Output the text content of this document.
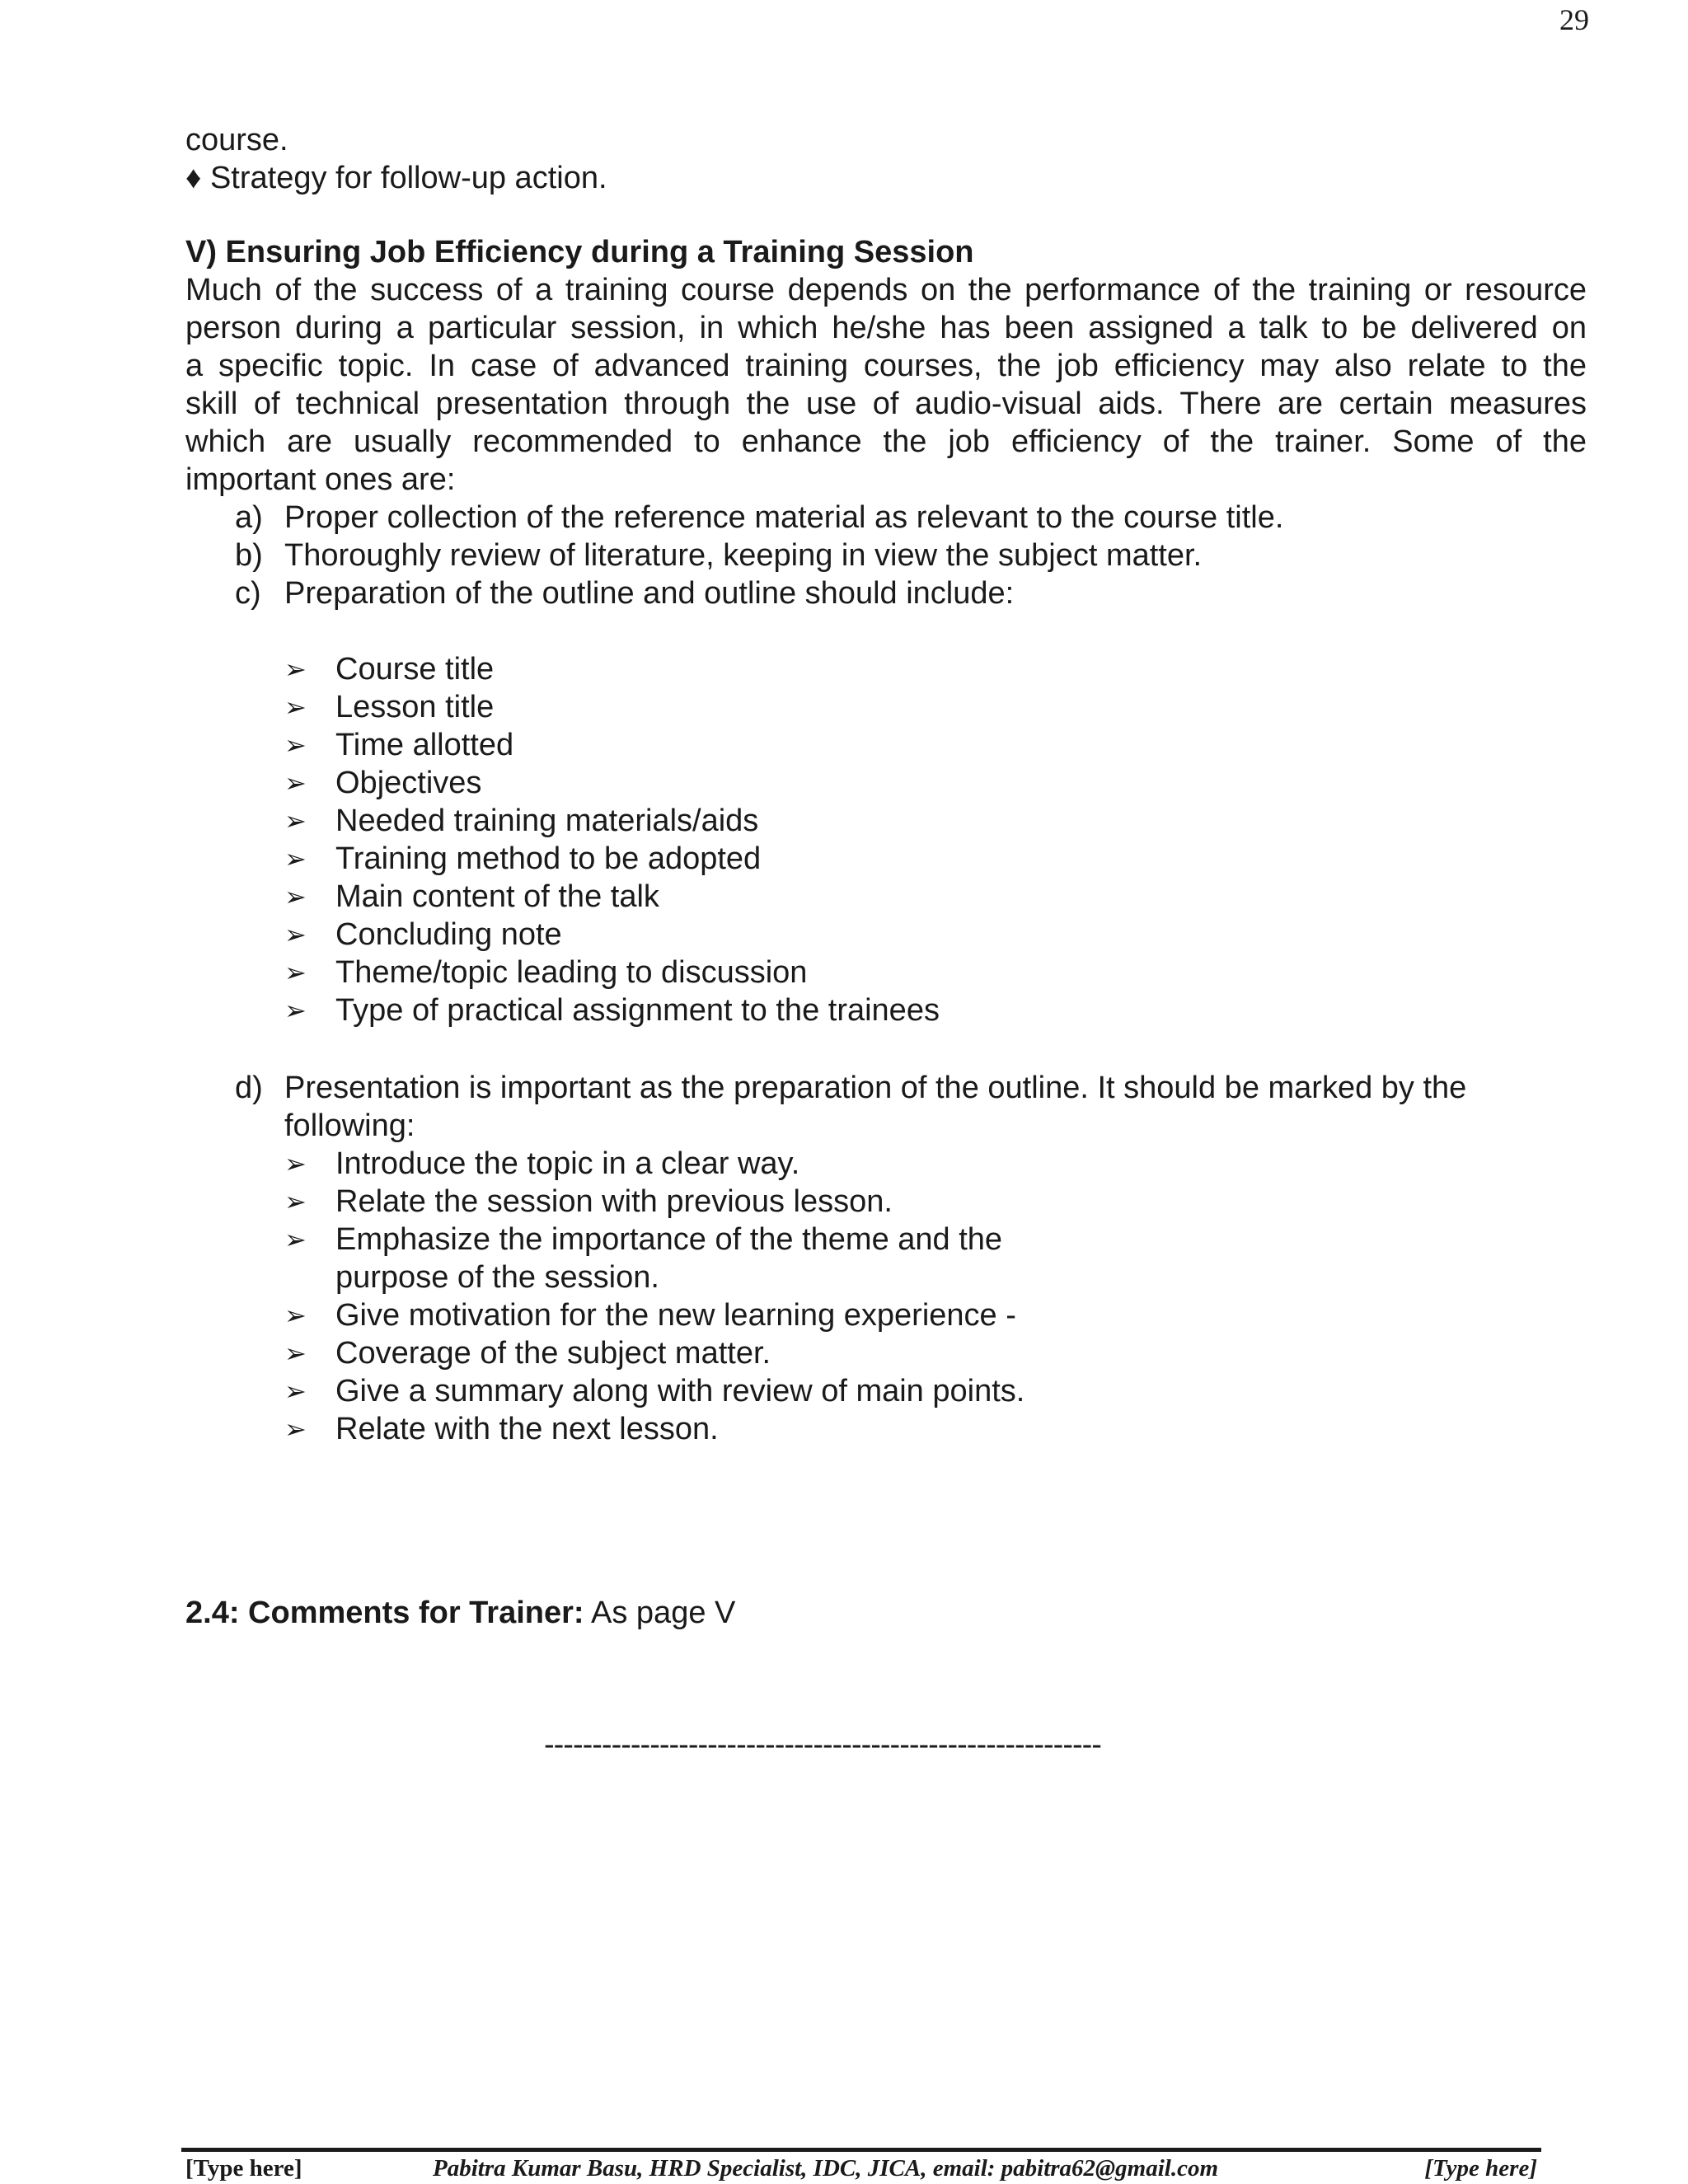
29
course.
♦ Strategy for follow-up action.
V) Ensuring Job Efficiency during a Training Session
Much of the success of a training course depends on the performance of the training or resource
person during a particular session, in which he/she has been assigned a talk to be delivered on
a specific topic. In case of advanced training courses, the job efficiency may also relate to the
skill of technical presentation through the use of audio-visual aids. There are certain measures
which are usually recommended to enhance the job efficiency of the trainer. Some of the
important ones are:
a) Proper collection of the reference material as relevant to the course title.
b) Thoroughly review of literature, keeping in view the subject matter.
c) Preparation of the outline and outline should include:
➢ Course title
➢ Lesson title
➢ Time allotted
➢ Objectives
➢ Needed training materials/aids
➢ Training method to be adopted
➢ Main content of the talk
➢ Concluding note
➢ Theme/topic leading to discussion
➢ Type of practical assignment to the trainees
d) Presentation is important as the preparation of the outline. It should be marked by the
following:
➢ Introduce the topic in a clear way.
➢ Relate the session with previous lesson.
➢ Emphasize the importance of the theme and the
purpose of the session.
➢ Give motivation for the new learning experience -
➢ Coverage of the subject matter.
➢ Give a summary along with review of main points.
➢ Relate with the next lesson.
2.4: Comments for Trainer: As page V
----------------------------------------------------------
[Type here]	Pabitra Kumar Basu, HRD Specialist, IDC, JICA, email: pabitra62@gmail.com	[Type here]
